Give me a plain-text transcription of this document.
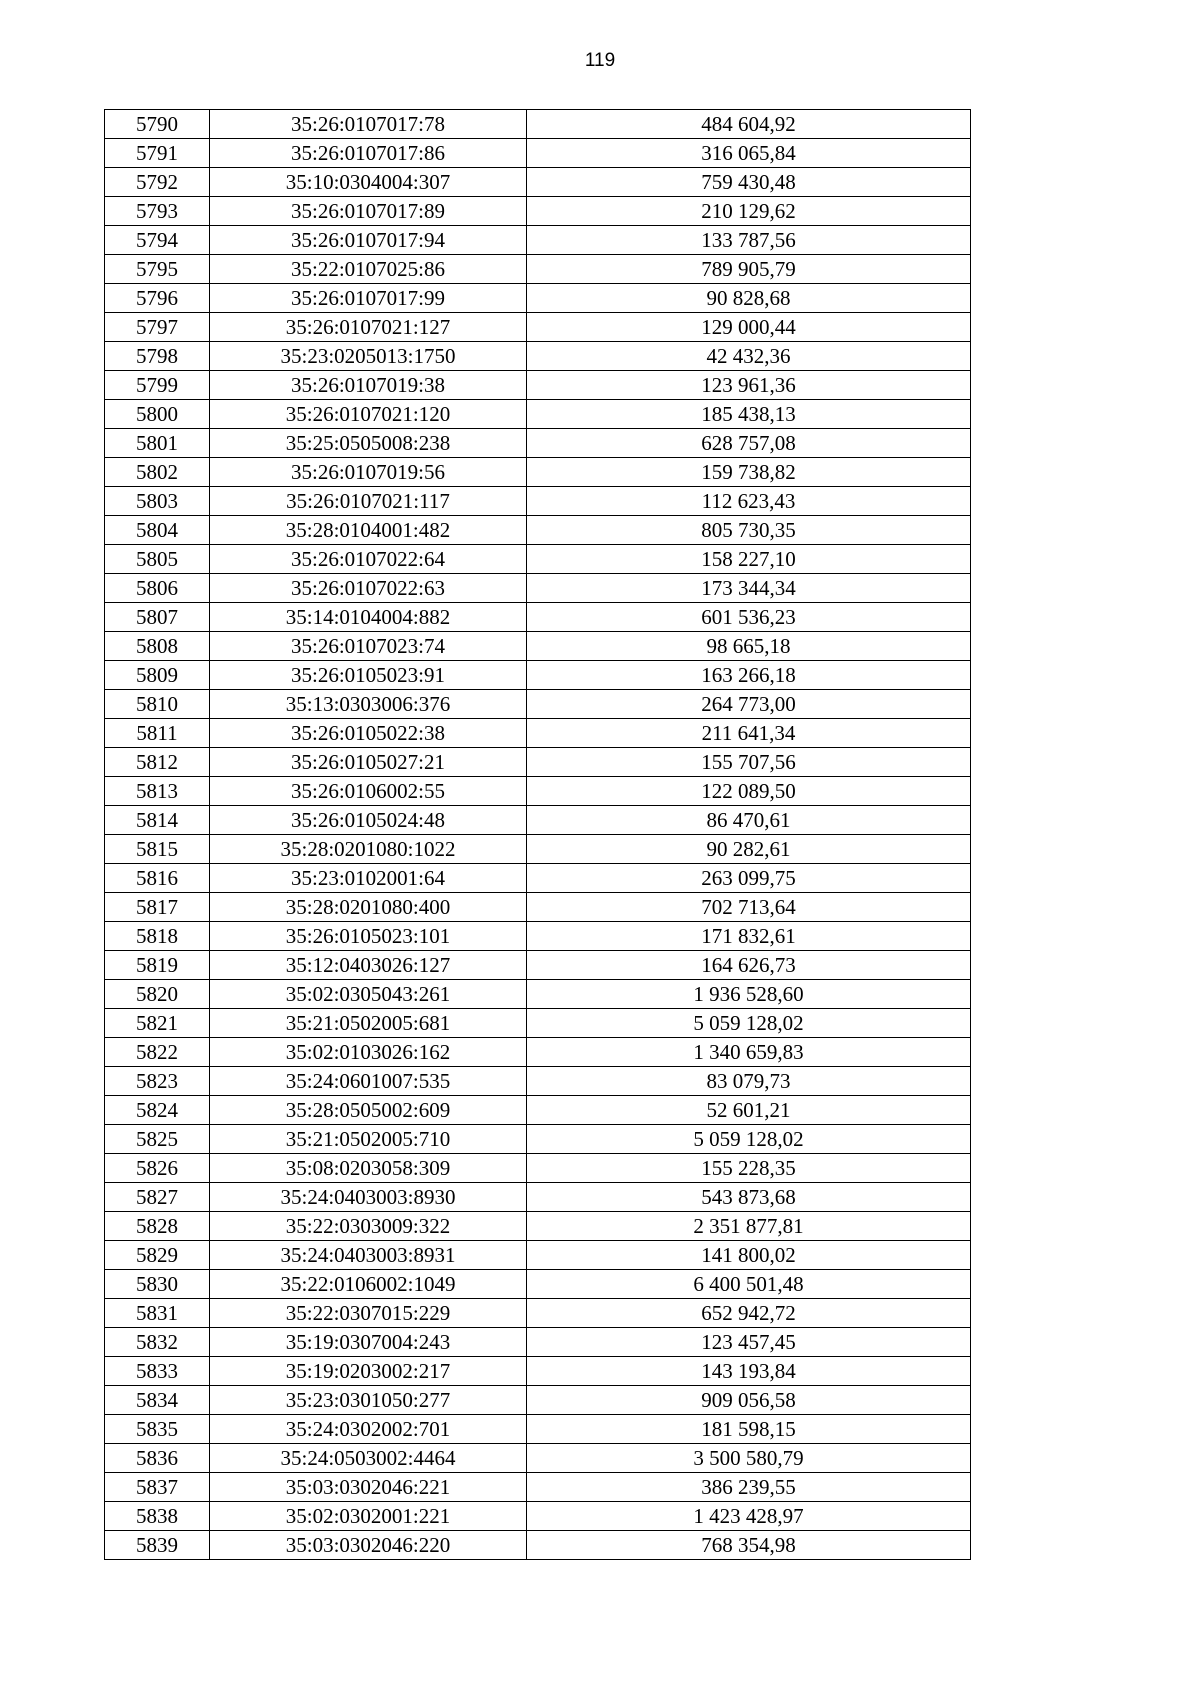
119
5790	35:26:0107017:78	484 604,92
5791	35:26:0107017:86	316 065,84
5792	35:10:0304004:307	759 430,48
5793	35:26:0107017:89	210 129,62
5794	35:26:0107017:94	133 787,56
5795	35:22:0107025:86	789 905,79
5796	35:26:0107017:99	90 828,68
5797	35:26:0107021:127	129 000,44
5798	35:23:0205013:1750	42 432,36
5799	35:26:0107019:38	123 961,36
5800	35:26:0107021:120	185 438,13
5801	35:25:0505008:238	628 757,08
5802	35:26:0107019:56	159 738,82
5803	35:26:0107021:117	112 623,43
5804	35:28:0104001:482	805 730,35
5805	35:26:0107022:64	158 227,10
5806	35:26:0107022:63	173 344,34
5807	35:14:0104004:882	601 536,23
5808	35:26:0107023:74	98 665,18
5809	35:26:0105023:91	163 266,18
5810	35:13:0303006:376	264 773,00
5811	35:26:0105022:38	211 641,34
5812	35:26:0105027:21	155 707,56
5813	35:26:0106002:55	122 089,50
5814	35:26:0105024:48	86 470,61
5815	35:28:0201080:1022	90 282,61
5816	35:23:0102001:64	263 099,75
5817	35:28:0201080:400	702 713,64
5818	35:26:0105023:101	171 832,61
5819	35:12:0403026:127	164 626,73
5820	35:02:0305043:261	1 936 528,60
5821	35:21:0502005:681	5 059 128,02
5822	35:02:0103026:162	1 340 659,83
5823	35:24:0601007:535	83 079,73
5824	35:28:0505002:609	52 601,21
5825	35:21:0502005:710	5 059 128,02
5826	35:08:0203058:309	155 228,35
5827	35:24:0403003:8930	543 873,68
5828	35:22:0303009:322	2 351 877,81
5829	35:24:0403003:8931	141 800,02
5830	35:22:0106002:1049	6 400 501,48
5831	35:22:0307015:229	652 942,72
5832	35:19:0307004:243	123 457,45
5833	35:19:0203002:217	143 193,84
5834	35:23:0301050:277	909 056,58
5835	35:24:0302002:701	181 598,15
5836	35:24:0503002:4464	3 500 580,79
5837	35:03:0302046:221	386 239,55
5838	35:02:0302001:221	1 423 428,97
5839	35:03:0302046:220	768 354,98
